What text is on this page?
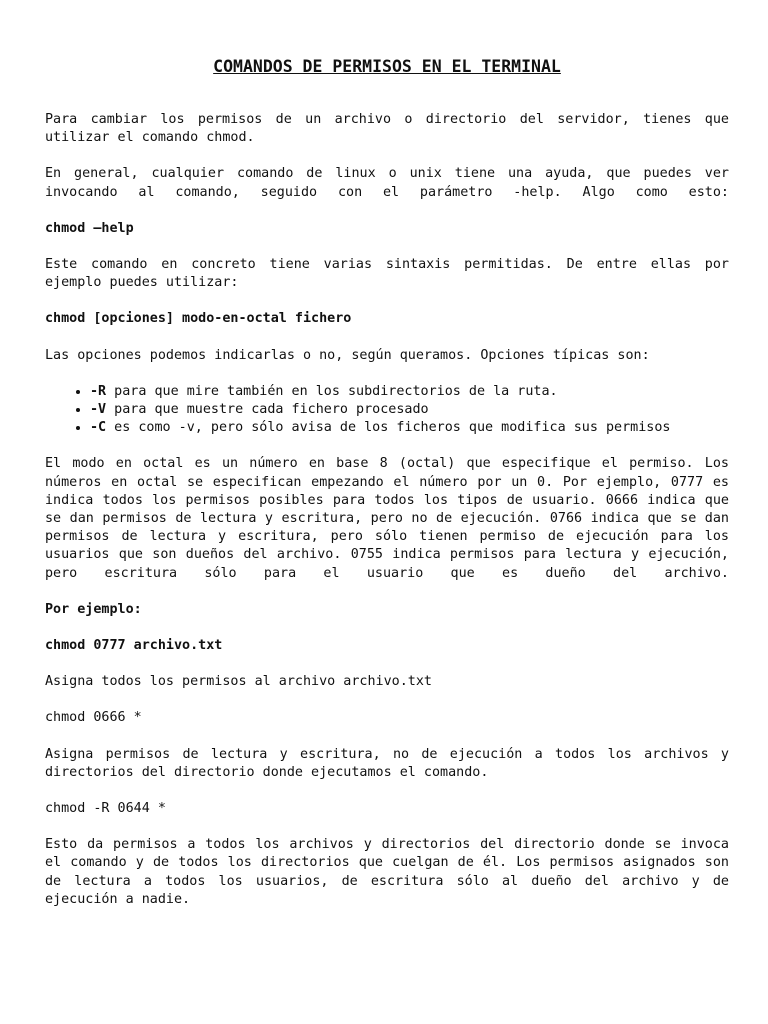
COMANDOS DE PERMISOS EN EL TERMINAL

Para cambiar los permisos de un archivo o directorio del servidor, tienes que utilizar el comando chmod.

En general, cualquier comando de linux o unix tiene una ayuda, que puedes ver invocando al comando, seguido con el parámetro -help. Algo como esto:

chmod –help

Este comando en concreto tiene varias sintaxis permitidas. De entre ellas por ejemplo puedes utilizar:

chmod [opciones] modo-en-octal fichero

Las opciones podemos indicarlas o no, según queramos. Opciones típicas son:

• -R para que mire también en los subdirectorios de la ruta.
• -V para que muestre cada fichero procesado
• -C es como -v, pero sólo avisa de los ficheros que modifica sus permisos

El modo en octal es un número en base 8 (octal) que especifique el permiso. Los números en octal se especifican empezando el número por un 0. Por ejemplo, 0777 es indica todos los permisos posibles para todos los tipos de usuario. 0666 indica que se dan permisos de lectura y escritura, pero no de ejecución. 0766 indica que se dan permisos de lectura y escritura, pero sólo tienen permiso de ejecución para los usuarios que son dueños del archivo. 0755 indica permisos para lectura y ejecución, pero escritura sólo para el usuario que es dueño del archivo.

Por ejemplo:
chmod 0777 archivo.txt

Asigna todos los permisos al archivo archivo.txt

chmod 0666 *

Asigna permisos de lectura y escritura, no de ejecución a todos los archivos y directorios del directorio donde ejecutamos el comando.

chmod -R 0644 *

Esto da permisos a todos los archivos y directorios del directorio donde se invoca el comando y de todos los directorios que cuelgan de él. Los permisos asignados son de lectura a todos los usuarios, de escritura sólo al dueño del archivo y de ejecución a nadie.
